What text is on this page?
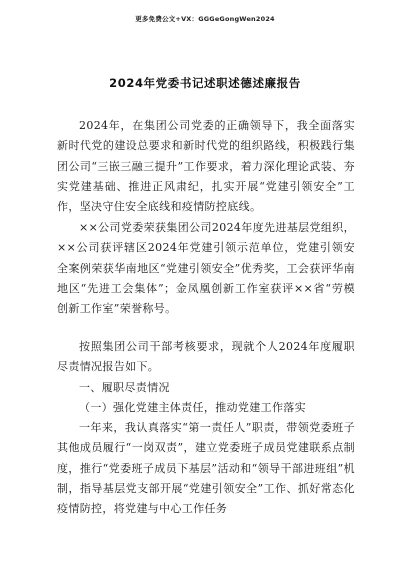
更多免费公文+VX：GGGeGongWen2024
2024年党委书记述职述德述廉报告

2024年，在集团公司党委的正确领导下，我全面落实新时代党的建设总要求和新时代党的组织路线，积极践行集团公司“三嵌三融三提升”工作要求，着力深化理论武装、夯实党建基础、推进正风肃纪，扎实开展“党建引领安全”工作，坚决守住安全底线和疫情防控底线。

××公司党委荣获集团公司2024年度先进基层党组织，××公司获评辖区2024年党建引领示范单位，党建引领安全案例荣获华南地区“党建引领安全”优秀奖，工会获评华南地区“先进工会集体”；金凤凰创新工作室获评××省“劳模创新工作室”荣誉称号。

按照集团公司干部考核要求，现就个人2024年度履职尽责情况报告如下。

一、履职尽责情况

（一）强化党建主体责任，推动党建工作落实

一年来，我认真落实“第一责任人”职责，带领党委班子其他成员履行“一岗双责”，建立党委班子成员党建联系点制度，推行“党委班子成员下基层”活动和“领导干部进班组”机制，指导基层党支部开展“党建引领安全”工作、抓好常态化疫情防控，将党建与中心工作任务
